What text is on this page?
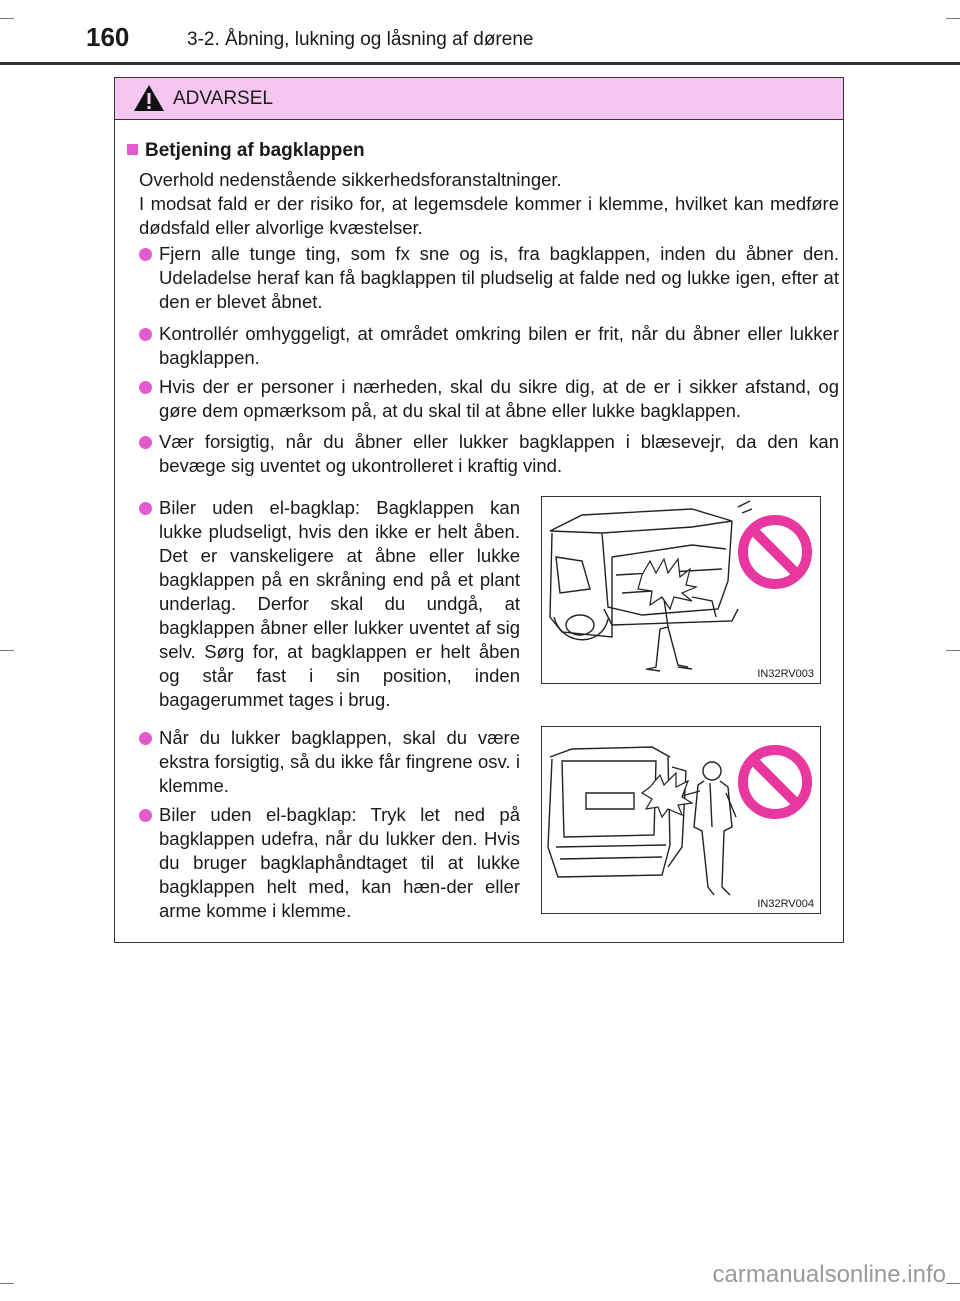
160	3-2. Åbning, lukning og låsning af dørene
ADVARSEL
Betjening af bagklappen

Overhold nedenstående sikkerhedsforanstaltninger.

I modsat fald er der risiko for, at legemsdele kommer i klemme, hvilket kan medføre dødsfald eller alvorlige kvæstelser.

Fjern alle tunge ting, som fx sne og is, fra bagklappen, inden du åbner den. Udeladelse heraf kan få bagklappen til pludselig at falde ned og lukke igen, efter at den er blevet åbnet.
Kontrollér omhyggeligt, at området omkring bilen er frit, når du åbner eller lukker bagklappen.
Hvis der er personer i nærheden, skal du sikre dig, at de er i sikker afstand, og gøre dem opmærksom på, at du skal til at åbne eller lukke bagklappen.
Vær forsigtig, når du åbner eller lukker bagklappen i blæsevejr, da den kan bevæge sig uventet og ukontrolleret i kraftig vind.
Biler uden el-bagklap: Bagklappen kan lukke pludseligt, hvis den ikke er helt åben. Det er vanskeligere at åbne eller lukke bagklappen på en skråning end på et plant underlag. Derfor skal du undgå, at bagklappen åbner eller lukker uventet af sig selv. Sørg for, at bagklappen er helt åben og står fast i sin position, inden bagagerummet tages i brug.
Når du lukker bagklappen, skal du være ekstra forsigtig, så du ikke får fingrene osv. i klemme.
Biler uden el-bagklap: Tryk let ned på bagklappen udefra, når du lukker den. Hvis du bruger bagklaphåndtaget til at lukke bagklappen helt med, kan hæn-der eller arme komme i klemme.
IN32RV003
IN32RV004
carmanualsonline.info
